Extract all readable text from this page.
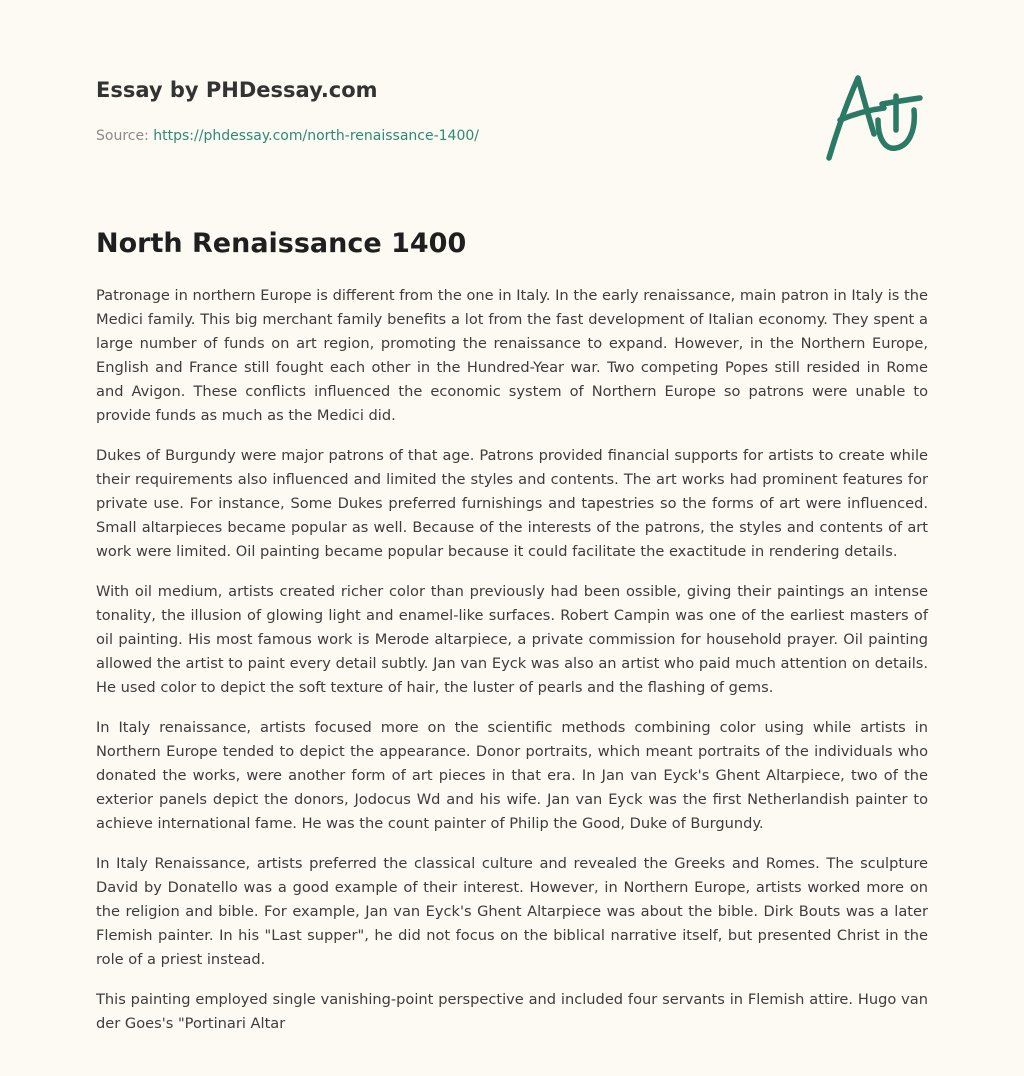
Essay by PHDessay.com
Source: https://phdessay.com/north-renaissance-1400/
North Renaissance 1400

Patronage in northern Europe is different from the one in Italy. In the early renaissance, main patron in Italy is the Medici family. This big merchant family benefits a lot from the fast development of Italian economy. They spent a large number of funds on art region, promoting the renaissance to expand. However, in the Northern Europe, English and France still fought each other in the Hundred-Year war. Two competing Popes still resided in Rome and Avigon. These conflicts influenced the economic system of Northern Europe so patrons were unable to provide funds as much as the Medici did.

Dukes of Burgundy were major patrons of that age. Patrons provided financial supports for artists to create while their requirements also influenced and limited the styles and contents. The art works had prominent features for private use. For instance, Some Dukes preferred furnishings and tapestries so the forms of art were influenced. Small altarpieces became popular as well. Because of the interests of the patrons, the styles and contents of art work were limited. Oil painting became popular because it could facilitate the exactitude in rendering details.

With oil medium, artists created richer color than previously had been ossible, giving their paintings an intense tonality, the illusion of glowing light and enamel-like surfaces. Robert Campin was one of the earliest masters of oil painting. His most famous work is Merode altarpiece, a private commission for household prayer. Oil painting allowed the artist to paint every detail subtly. Jan van Eyck was also an artist who paid much attention on details. He used color to depict the soft texture of hair, the luster of pearls and the flashing of gems.

In Italy renaissance, artists focused more on the scientific methods combining color using while artists in Northern Europe tended to depict the appearance. Donor portraits, which meant portraits of the individuals who donated the works, were another form of art pieces in that era. In Jan van Eyck's Ghent Altarpiece, two of the exterior panels depict the donors, Jodocus Wd and his wife. Jan van Eyck was the first Netherlandish painter to achieve international fame. He was the count painter of Philip the Good, Duke of Burgundy.

In Italy Renaissance, artists preferred the classical culture and revealed the Greeks and Romes. The sculpture David by Donatello was a good example of their interest. However, in Northern Europe, artists worked more on the religion and bible. For example, Jan van Eyck's Ghent Altarpiece was about the bible. Dirk Bouts was a later Flemish painter. In his "Last supper", he did not focus on the biblical narrative itself, but presented Christ in the role of a priest instead.

This painting employed single vanishing-point perspective and included four servants in Flemish attire. Hugo van der Goes's "Portinari Altar
